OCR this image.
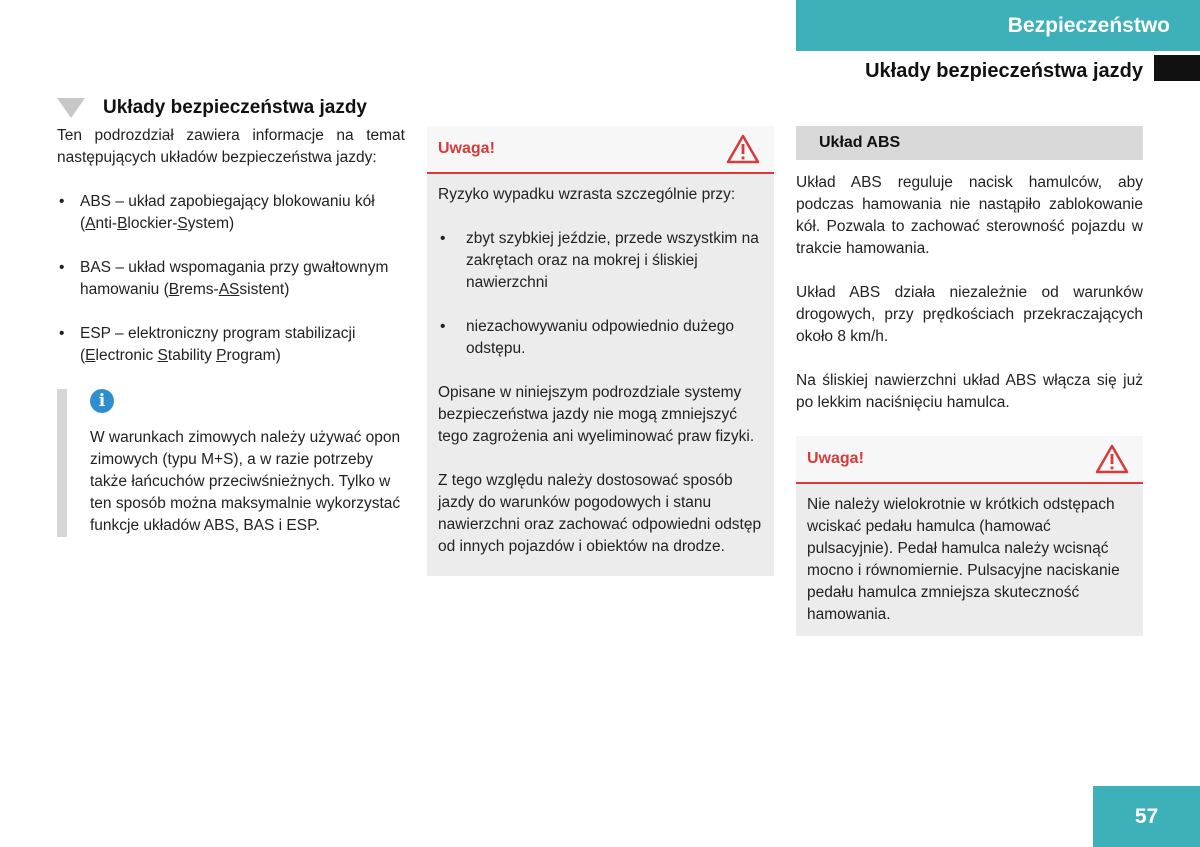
Bezpieczeństwo
Układy bezpieczeństwa jazdy
Układy bezpieczeństwa jazdy

Ten podrozdział zawiera informacje na temat następujących układów bezpieczeństwa jazdy:

• ABS – układ zapobiegający blokowaniu kół
(Anti-Blockier-System)
• BAS – układ wspomagania przy gwałtownym hamowaniu (Brems-ASsistent)
• ESP – elektroniczny program stabilizacji
(Electronic Stability Program)
i

W warunkach zimowych należy używać opon zimowych (typu M+S), a w razie potrzeby także łańcuchów przeciwśnieżnych. Tylko w ten sposób można maksymalnie wykorzystać funkcje układów ABS, BAS i ESP.

Uwaga!

Ryzyko wypadku wzrasta szczególnie przy:

• zbyt szybkiej jeździe, przede wszystkim na zakrętach oraz na mokrej i śliskiej nawierzchni
• niezachowywaniu odpowiednio dużego odstępu.

Opisane w niniejszym podrozdziale systemy bezpieczeństwa jazdy nie mogą zmniejszyć tego zagrożenia ani wyeliminować praw fizyki.

Z tego względu należy dostosować sposób jazdy do warunków pogodowych i stanu nawierzchni oraz zachować odpowiedni odstęp od innych pojazdów i obiektów na drodze.

Układ ABS

Układ ABS reguluje nacisk hamulców, aby podczas hamowania nie nastąpiło zablokowanie kół. Pozwala to zachować sterowność pojazdu w trakcie hamowania.

Układ ABS działa niezależnie od warunków drogowych, przy prędkościach przekraczających około 8 km/h.

Na śliskiej nawierzchni układ ABS włącza się już po lekkim naciśnięciu hamulca.

Uwaga!

Nie należy wielokrotnie w krótkich odstępach wciskać pedału hamulca (hamować pulsacyjnie). Pedał hamulca należy wcisnąć mocno i równomiernie. Pulsacyjne naciskanie pedału hamulca zmniejsza skuteczność hamowania.

57
